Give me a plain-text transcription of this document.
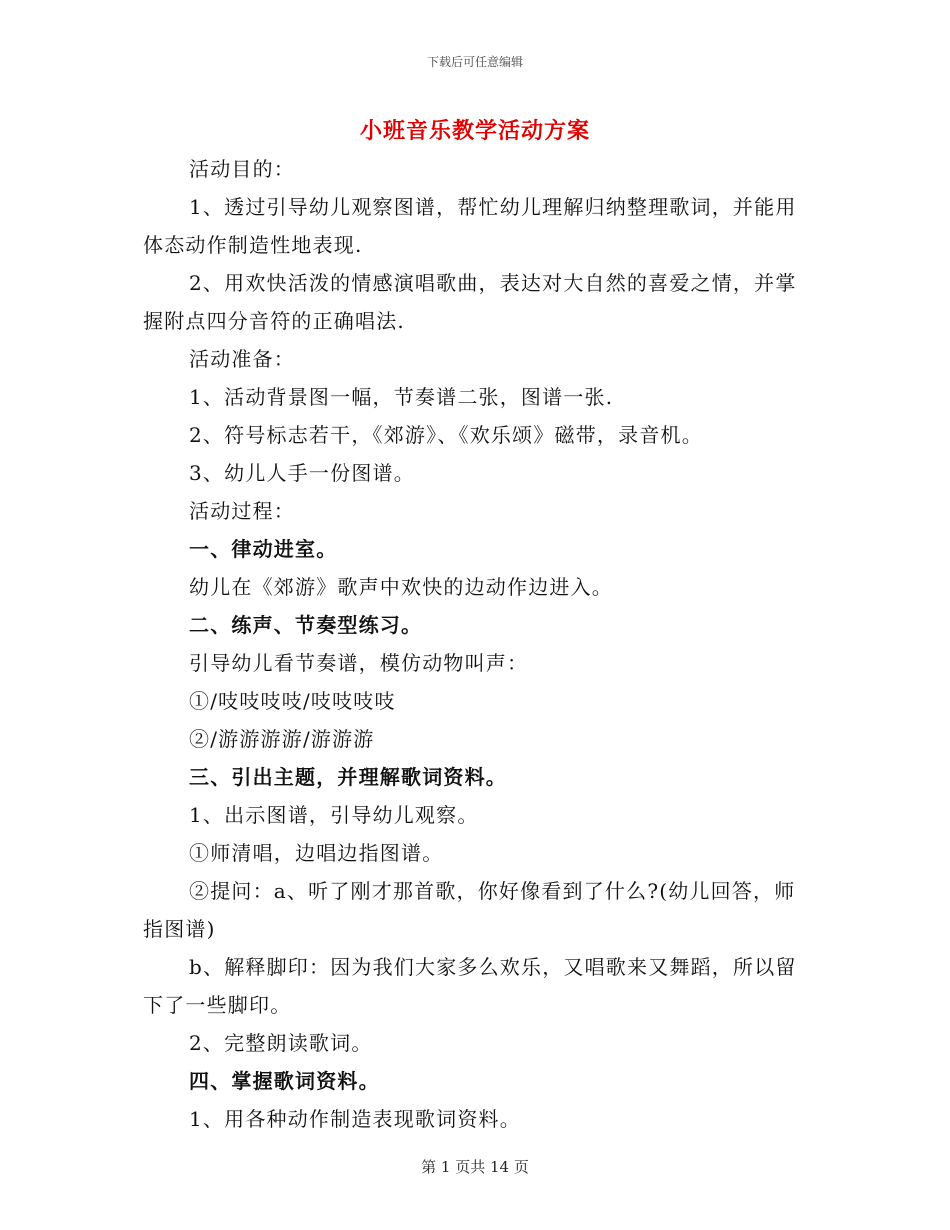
下载后可任意编辑
小班音乐教学活动方案

活动目的：

1、透过引导幼儿观察图谱，帮忙幼儿理解归纳整理歌词，并能用体态动作制造性地表现.

2、用欢快活泼的情感演唱歌曲，表达对大自然的喜爱之情，并掌握附点四分音符的正确唱法.

活动准备：

1、活动背景图一幅，节奏谱二张，图谱一张.

2、符号标志若干，《郊游》、《欢乐颂》磁带，录音机。

3、幼儿人手一份图谱。

活动过程：

一、律动进室。

幼儿在《郊游》歌声中欢快的边动作边进入。

二、练声、节奏型练习。

引导幼儿看节奏谱，模仿动物叫声：

①/吱吱吱吱/吱吱吱吱

②/游游游游/游游游

三、引出主题，并理解歌词资料。

1、出示图谱，引导幼儿观察。

①师清唱，边唱边指图谱。

②提问：a、听了刚才那首歌，你好像看到了什么?(幼儿回答，师指图谱)

b、解释脚印：因为我们大家多么欢乐，又唱歌来又舞蹈，所以留下了一些脚印。

2、完整朗读歌词。

四、掌握歌词资料。

1、用各种动作制造表现歌词资料。

第 1 页共 14 页
